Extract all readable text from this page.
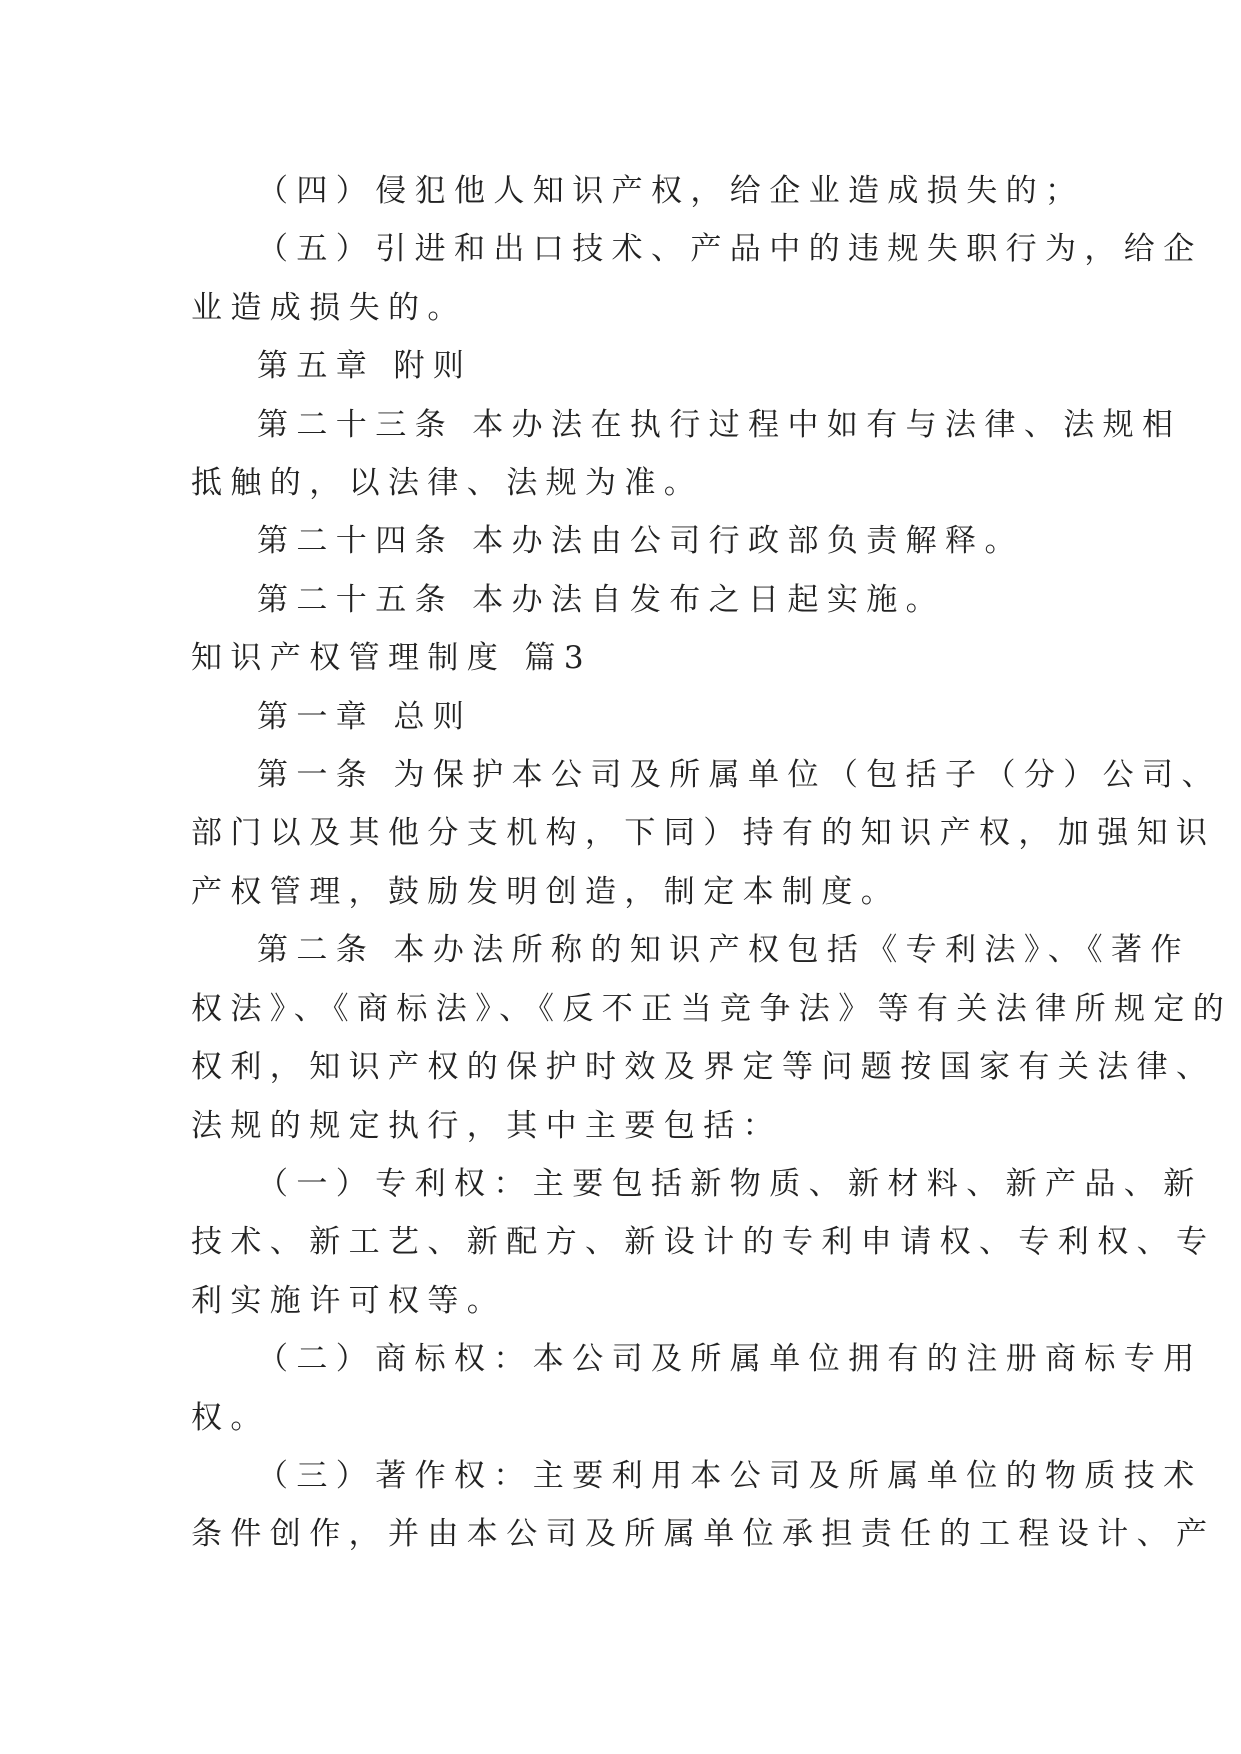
（四）侵犯他人知识产权，给企业造成损失的；

（五）引进和出口技术、产品中的违规失职行为，给企

业造成损失的。

第五章 附则

第二十三条 本办法在执行过程中如有与法律、法规相

抵触的，以法律、法规为准。

第二十四条 本办法由公司行政部负责解释。

第二十五条 本办法自发布之日起实施。

知识产权管理制度 篇3

第一章 总则

第一条 为保护本公司及所属单位（包括子（分）公司、

部门以及其他分支机构，下同）持有的知识产权，加强知识

产权管理，鼓励发明创造，制定本制度。

第二条 本办法所称的知识产权包括《专利法》、《著作

权法》、《商标法》、《反不正当竞争法》等有关法律所规定的

权利，知识产权的保护时效及界定等问题按国家有关法律、

法规的规定执行，其中主要包括：

（一）专利权：主要包括新物质、新材料、新产品、新

技术、新工艺、新配方、新设计的专利申请权、专利权、专

利实施许可权等。

（二）商标权：本公司及所属单位拥有的注册商标专用

权。

（三）著作权：主要利用本公司及所属单位的物质技术

条件创作，并由本公司及所属单位承担责任的工程设计、产
